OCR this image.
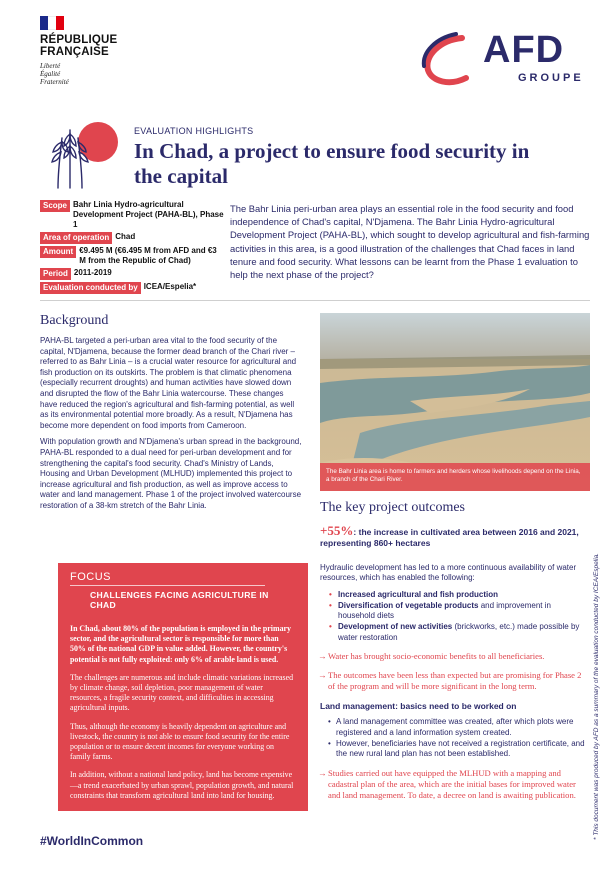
RÉPUBLIQUE
FRANÇAISE
Liberté
Égalité
Fraternité
AFD
GROUPE
EVALUATION HIGHLIGHTS
In Chad, a project to ensure food security in the capital
Scope Bahr Linia Hydro-agricultural Development Project (PAHA-BL), Phase 1
Area of operation Chad
Amount €9.495 M (€6.495 M from AFD and €3 M from the Republic of Chad)
Period 2011-2019
Evaluation conducted by ICEA/Espelia*
The Bahr Linia peri-urban area plays an essential role in the food security and food independence of Chad's capital, N'Djamena. The Bahr Linia Hydro-agricultural Development Project (PAHA-BL), which sought to develop agricultural and fish-farming activities in this area, is a good illustration of the challenges that Chad faces in land tenure and food security. What lessons can be learnt from the Phase 1 evaluation to help the next phase of the project?
Background

PAHA-BL targeted a peri-urban area vital to the food security of the capital, N'Djamena, because the former dead branch of the Chari river – referred to as Bahr Linia – is a crucial water resource for agricultural and fish production on its outskirts. The problem is that climatic phenomena (especially recurrent droughts) and human activities have slowed down and disrupted the flow of the Bahr Linia watercourse. These changes have reduced the region's agricultural and fish-farming potential, as well as its environmental potential more broadly. As a result, N'Djamena has become more dependent on food imports from Cameroon.

With population growth and N'Djamena's urban spread in the background, PAHA-BL responded to a dual need for peri-urban development and for strengthening the capital's food security. Chad's Ministry of Lands, Housing and Urban Development (MLHUD) implemented this project to increase agricultural and fish production, as well as improve access to water and land management. Phase 1 of the project involved watercourse restoration of a 38-km stretch of the Bahr Linia.

The Bahr Linia area is home to farmers and herders whose livelihoods depend on the Linia, a branch of the Chari River.
The key project outcomes
+55%: the increase in cultivated area between 2016 and 2021, representing 860+ hectares
Hydraulic development has led to a more continuous availability of water resources, which has enabled the following:
• Increased agricultural and fish production
• Diversification of vegetable products and improvement in household diets
• Development of new activities (brickworks, etc.) made possible by water restoration
→ Water has brought socio-economic benefits to all beneficiaries.
→ The outcomes have been less than expected but are promising for Phase 2 of the program and will be more significant in the long term.
Land management: basics need to be worked on
• A land management committee was created, after which plots were registered and a land information system created.
• However, beneficiaries have not received a registration certificate, and the new rural land plan has not been established.
→ Studies carried out have equipped the MLHUD with a mapping and cadastral plan of the area, which are the initial bases for improved water and land management. To date, a decree on land is awaiting publication.
FOCUS
CHALLENGES FACING AGRICULTURE IN CHAD

In Chad, about 80% of the population is employed in the primary sector, and the agricultural sector is responsible for more than 50% of the national GDP in value added. However, the country's potential is not fully exploited: only 6% of arable land is used.

The challenges are numerous and include climatic variations increased by climate change, soil depletion, poor management of water resources, a fragile security context, and difficulties in accessing agricultural inputs.

Thus, although the economy is heavily dependent on agriculture and livestock, the country is not able to ensure food security for the entire population or to ensure decent incomes for everyone working on family farms.

In addition, without a national land policy, land has become expensive—a trend exacerbated by urban sprawl, population growth, and natural constraints that transform agricultural land into land for housing.

#WorldInCommon
* This document was produced by AFD as a summary of the evaluation conducted by ICEA/Espelia.
